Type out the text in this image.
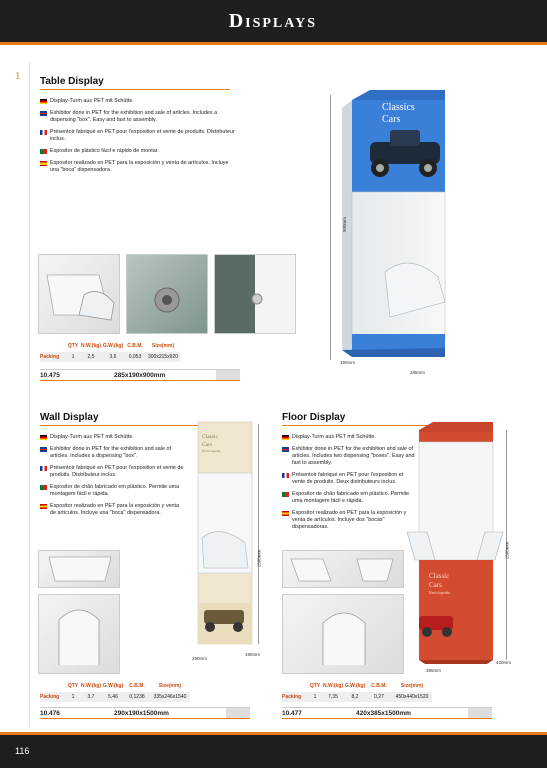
Displays
1 Table Display
Display-Turm aus PET mit Schütte.
Exhibitor done in PET for the exhibition and sale of articles. Includes a dispensing "box". Easy and fast to assembly.
Présentoir fabriqué en PET pour l'exposition et vente de produits. Distributeur inclus.
Expositor de plástico fácil e rápido de montar.
Expositor realizado en PET para la exposición y venta de artículos. Incluye una "boca" dispensadora.
Classics
Cars
900mm
190mm
285mm
QTY N.W.(kg) G.W.(kg) C.B.M.	Size(mm)
Packing	1	2,5	3,6	0,053	300x215x920
10.475	285x190x900mm
Wall Display
Display-Turm aus PET mit Schütte.
Exhibitor done in PET for the exhibition and sale of articles. Includes a dispensing "box".
Présentoir fabriqué en PET pour l'exposition et vente de produits. Distributeur inclus.
Expositor de chão fabricado em plástico. Permite uma montagem fácil e rápida.
Expositor realizado en PET para la exposición y venta de artículos. Incluye una "boca" dispensadora.
Classic
Cars
Enciclopedia
1500mm
190mm
290mm
QTY N.W.(kg) G.W.(kg)	C.B.M.	Size(mm)
Packing	1	3,7	5,46	0,1238	335x246x1540
10.476	290x190x1500mm
Floor Display
Display-Turm aus PET mit Schütte.
Exhibitor done in PET for the exhibition and sale of articles. Includes two dispensing "boxes". Easy and fast to assembly.
Présentoir fabriqué en PET pour l'exposition et vente de produits. Deux distributeurs inclus.
Expositor de chão fabricado em plástico. Permite uma montagem fácil e rápida.
Expositor realizado en PET para la exposición y venta de artículos. Incluye dos "bocas" dispensadoras.
Classic
Cars
Enciclopedia
1500mm
420mm
385mm
QTY N.W.(kg) G.W.(kg)	C.B.M.	Size(mm)
Packing	1	7,35	8,2	0,27	450x440x1520
10.477	420x385x1500mm
116
